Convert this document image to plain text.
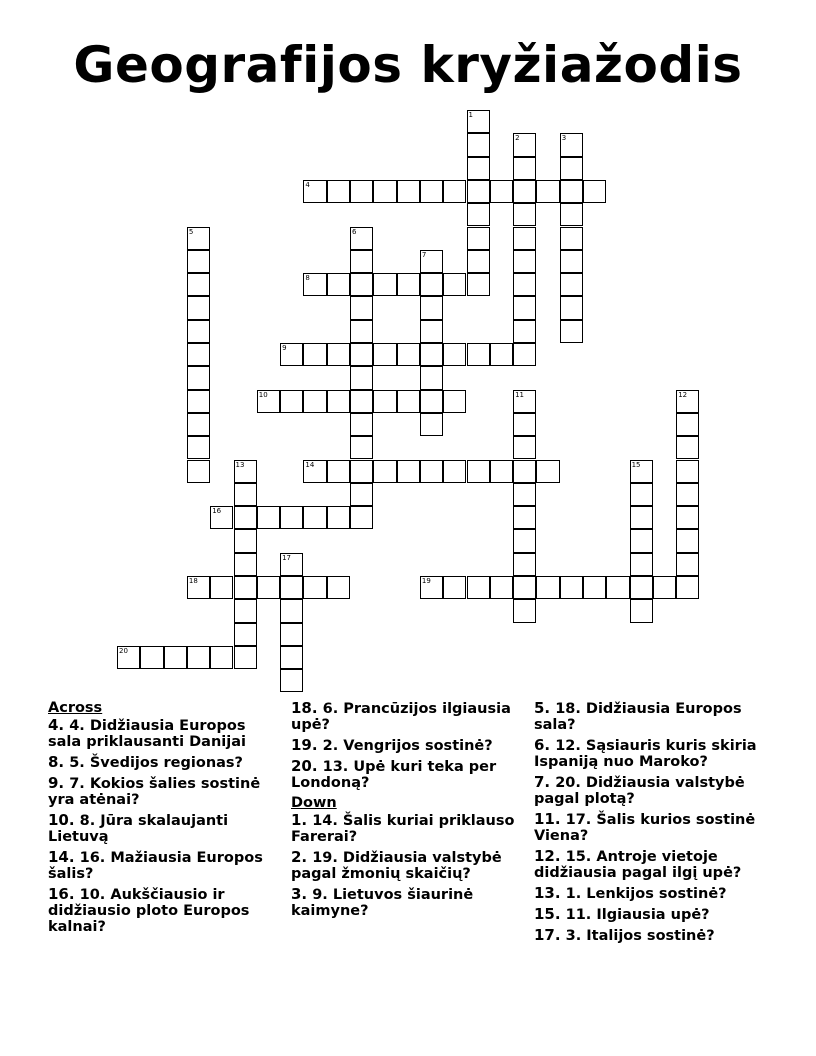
Geografijos kryžiažodis
1
2	3
4
5	6
7
8
9
10	11	12
13	14	15
16
17
18	19
20
Across
4. 4. Didžiausia Europos sala priklausanti Danijai
8. 5. Švedijos regionas?
9. 7. Kokios šalies sostinė yra atėnai?
10. 8. Jūra skalaujanti Lietuvą
14. 16. Mažiausia Europos šalis?
16. 10. Aukščiausio ir didžiausio ploto Europos kalnai?
18. 6. Prancūzijos ilgiausia upė?
19. 2. Vengrijos sostinė?
20. 13. Upė kuri teka per Londoną?
Down
1. 14. Šalis kuriai priklauso Farerai?
2. 19. Didžiausia valstybė pagal žmonių skaičių?
3. 9. Lietuvos šiaurinė kaimyne?
5. 18. Didžiausia Europos sala?
6. 12. Sąsiauris kuris skiria Ispaniją nuo Maroko?
7. 20. Didžiausia valstybė pagal plotą?
11. 17. Šalis kurios sostinė Viena?
12. 15. Antroje vietoje didžiausia pagal ilgį upė?
13. 1. Lenkijos sostinė?
15. 11. Ilgiausia upė?
17. 3. Italijos sostinė?
